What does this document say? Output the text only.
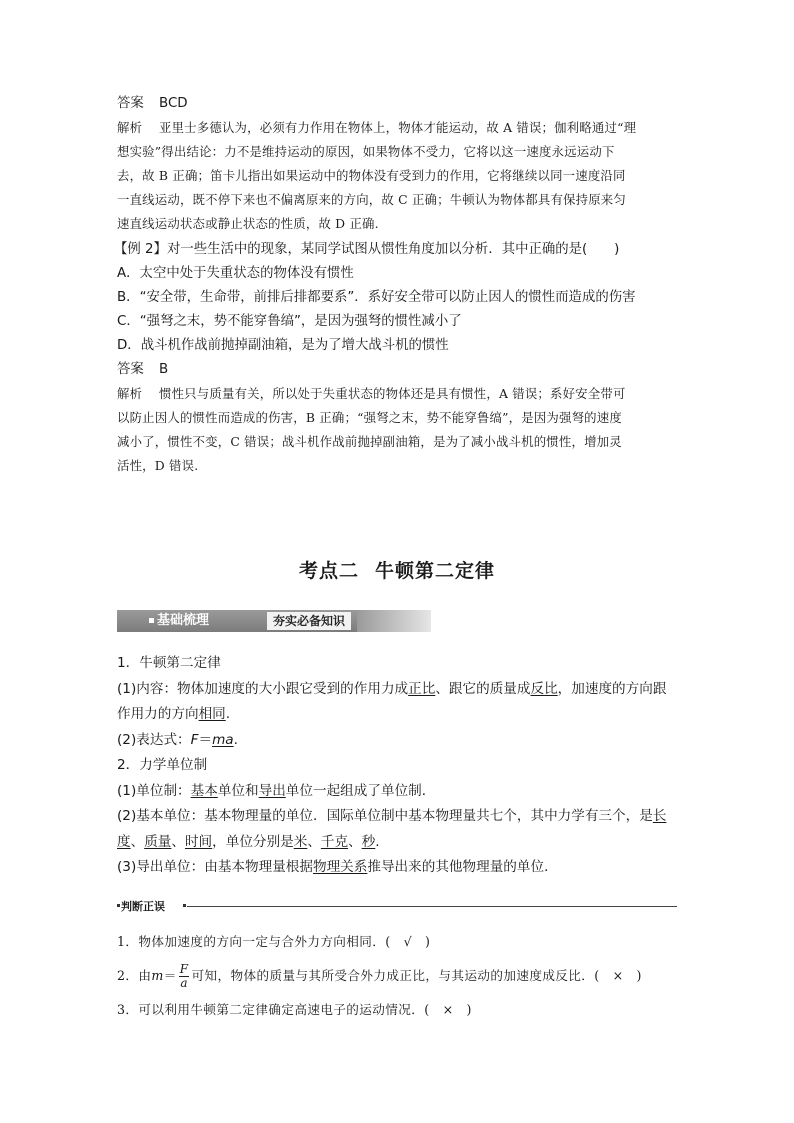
答案 BCD
解析 亚里士多德认为，必须有力作用在物体上，物体才能运动，故 A 错误；伽利略通过“理
想实验”得出结论：力不是维持运动的原因，如果物体不受力，它将以这一速度永远运动下
去，故 B 正确；笛卡儿指出如果运动中的物体没有受到力的作用，它将继续以同一速度沿同
一直线运动，既不停下来也不偏离原来的方向，故 C 正确；牛顿认为物体都具有保持原来匀
速直线运动状态或静止状态的性质，故 D 正确.
【例 2】对一些生活中的现象，某同学试图从惯性角度加以分析．其中正确的是(　　)
A．太空中处于失重状态的物体没有惯性
B．“安全带，生命带，前排后排都要系”．系好安全带可以防止因人的惯性而造成的伤害
C．“强弩之末，势不能穿鲁缟”，是因为强弩的惯性减小了
D．战斗机作战前抛掉副油箱，是为了增大战斗机的惯性
答案 B
解析 惯性只与质量有关，所以处于失重状态的物体还是具有惯性，A 错误；系好安全带可
以防止因人的惯性而造成的伤害，B 正确；“强弩之末，势不能穿鲁缟”，是因为强弩的速度
减小了，惯性不变，C 错误；战斗机作战前抛掉副油箱，是为了减小战斗机的惯性，增加灵
活性，D 错误.
考点二 牛顿第二定律
基础梳理	夯实必备知识
1．牛顿第二定律
(1)内容：物体加速度的大小跟它受到的作用力成正比、跟它的质量成反比，加速度的方向跟
作用力的方向相同.
(2)表达式：F＝ma.
2．力学单位制
(1)单位制：基本单位和导出单位一起组成了单位制．
(2)基本单位：基本物理量的单位．国际单位制中基本物理量共七个，其中力学有三个，是长
度、质量、时间，单位分别是米、千克、秒.
(3)导出单位：由基本物理量根据物理关系推导出来的其他物理量的单位．
判断正误
1．物体加速度的方向一定与合外力方向相同．(　√　)
2．由$m= \frac{F}{a}$ 可知，物体的质量与其所受合外力成正比，与其运动的加速度成反比．(　×　)
3．可以利用牛顿第二定律确定高速电子的运动情况．(　×　)
